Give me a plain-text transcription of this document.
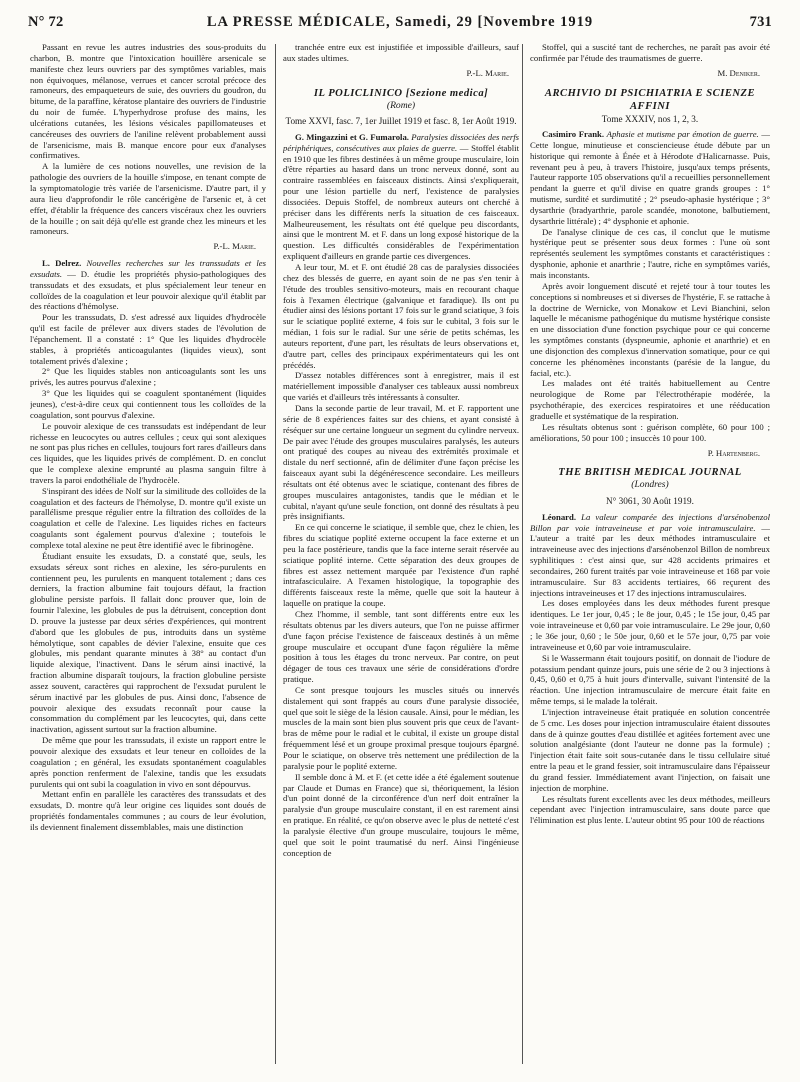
N° 72	LA PRESSE MÉDICALE, Samedi, 29 [Novembre 1919	731

Passant en revue les autres industries des sous-produits du charbon, B. montre que l'intoxication houillère arsenicale se manifeste chez leurs ouvriers par des symptômes variables, mais non équivoques, mélanose, verrues et cancer scrotal précoce des ramoneurs, des empaqueteurs de suie, des ouvriers du goudron, du bitume, de la paraffine, kératose plantaire des ouvriers de l'industrie du noir de fumée. L'hyperhydrose profuse des mains, les ulcérations cutanées, les lésions vésicales papillomateuses et cancéreuses des ouvriers de l'aniline relèvent probablement aussi de l'arsenicisme, mais B. manque encore pour eux d'analyses confirmatives.

A la lumière de ces notions nouvelles, une revision de la pathologie des ouvriers de la houille s'impose, en tenant compte de la symptomatologie très variée de l'arsenicisme. D'autre part, il y aura lieu d'approfondir le rôle cancérigène de l'arsenic et, à cet effet, d'établir la fréquence des cancers viscéraux chez les ouvriers de la houille ; on sait déjà qu'elle est grande chez les mineurs et les ramoneurs.

P.-L. Marie.

L. Delrez. Nouvelles recherches sur les transsudats et les exsudats. — D. étudie les propriétés physio-pathologiques des transsudats et des exsudats, et plus spécialement leur teneur en colloïdes de la coagulation et leur pouvoir alexique qu'il établit par des réactions d'hémolyse.

Pour les transsudats, D. s'est adressé aux liquides d'hydrocèle qu'il est facile de prélever aux divers stades de l'évolution de l'épanchement. Il a constaté : 1° Que les liquides d'hydrocèle stables, à propriétés anticoagulantes (liquides vieux), sont totalement privés d'alexine ;

2° Que les liquides stables non anticoagulants sont les uns privés, les autres pourvus d'alexine ;

3° Que les liquides qui se coagulent spontanément (liquides jeunes), c'est-à-dire ceux qui contiennent tous les colloïdes de la coagulation, sont pourvus d'alexine.

Le pouvoir alexique de ces transsudats est indépendant de leur richesse en leucocytes ou autres cellules ; ceux qui sont alexiques ne sont pas plus riches en cellules, toujours fort rares d'ailleurs dans ces liquides, que les liquides privés de complément. D. en conclut que le complexe alexine emprunté au plasma sanguin filtre à travers la paroi endothéliale de l'hydrocèle.

S'inspirant des idées de Nolf sur la similitude des colloïdes de la coagulation et des facteurs de l'hémolyse, D. montre qu'il existe un parallélisme presque régulier entre la filtration des colloïdes de la coagulation et celle de l'alexine. Les liquides riches en facteurs coagulants sont également pourvus d'alexine ; toutefois le complexe total alexine ne peut être identifié avec le fibrinogène.

Étudiant ensuite les exsudats, D. a constaté que, seuls, les exsudats séreux sont riches en alexine, les séro-purulents en contiennent peu, les purulents en manquent totalement ; dans ces derniers, la fraction albumine fait toujours défaut, la fraction globuline persiste parfois. Il fallait donc prouver que, loin de fournir l'alexine, les globules de pus la détruisent, conception dont D. prouve la justesse par deux séries d'expériences, qui montrent d'abord que les globules de pus, introduits dans un système hémolytique, sont capables de dévier l'alexine, ensuite que ces globules, mis pendant quarante minutes à 38° au contact d'un liquide alexique, l'inactivent. Dans le sérum ainsi inactivé, la fraction albumine disparaît toujours, la fraction globuline persiste assez souvent, caractères qui rapprochent de l'exsudat purulent le sérum inactivé par les globules de pus. Ainsi donc, l'absence de pouvoir alexique des exsudats reconnaît pour cause la consommation du complément par les leucocytes, qui, dans cette inactivation, agissent surtout sur la fraction albumine.

De même que pour les transsudats, il existe un rapport entre le pouvoir alexique des exsudats et leur teneur en colloïdes de la coagulation ; en général, les exsudats spontanément coagulables après ponction renferment de l'alexine, tandis que les exsudats purulents qui ont subi la coagulation in vivo en sont dépourvus.

Mettant enfin en parallèle les caractères des transsudats et des exsudats, D. montre qu'à leur origine ces liquides sont doués de propriétés fondamentales communes ; au cours de leur évolution, ils deviennent finalement dissemblables, mais une distinction

tranchée entre eux est injustifiée et impossible d'ailleurs, sauf aux stades ultimes.

P.-L. Marie.

IL POLICLINICO [Sezione medica]

(Rome)

Tome XXVI, fasc. 7, 1er Juillet 1919 et fasc. 8, 1er Août 1919.

G. Mingazzini et G. Fumarola. Paralysies dissociées des nerfs périphériques, consécutives aux plaies de guerre. — Stoffel établit en 1910 que les fibres destinées à un même groupe musculaire, loin d'être réparties au hasard dans un tronc nerveux donné, sont au contraire rassemblées en faisceaux distincts. Ainsi s'expliquerait, pour une lésion partielle du nerf, l'existence de paralysies dissociées. Depuis Stoffel, de nombreux auteurs ont cherché à préciser dans les différents nerfs la situation de ces faisceaux. Malheureusement, les résultats ont été quelque peu discordants, ainsi que le montrent M. et F. dans un long exposé historique de la question. Les difficultés considérables de l'expérimentation expliquent d'ailleurs en grande partie ces divergences.

A leur tour, M. et F. ont étudié 28 cas de paralysies dissociées chez des blessés de guerre, en ayant soin de ne pas s'en tenir à l'étude des troubles sensitivo-moteurs, mais en recourant chaque fois à l'examen électrique (galvanique et faradique). Ils ont pu étudier ainsi des lésions portant 17 fois sur le grand sciatique, 3 fois sur le sciatique poplité externe, 4 fois sur le cubital, 3 fois sur le médian, 1 fois sur le radial. Sur une série de petits schémas, les auteurs reportent, d'une part, les résultats de leurs observations et, d'autre part, celles des principaux expérimentateurs qui les ont précédés.

D'assez notables différences sont à enregistrer, mais il est matériellement impossible d'analyser ces tableaux aussi nombreux que variés et d'ailleurs très intéressants à consulter.

Dans la seconde partie de leur travail, M. et F. rapportent une série de 8 expériences faites sur des chiens, et ayant consisté à réséquer sur une certaine longueur un segment du cylindre nerveux. De pair avec l'étude des groupes musculaires paralysés, les auteurs ont pratiqué des coupes au niveau des extrémités proximale et distale du nerf sectionné, afin de délimiter d'une façon précise les faisceaux ayant subi la dégénérescence secondaire. Les meilleurs résultats ont été obtenus avec le sciatique, contenant des fibres de groupes musculaires antagonistes, tandis que le médian et le cubital, n'ayant qu'une seule fonction, ont donné des résultats à peu près insignifiants.

En ce qui concerne le sciatique, il semble que, chez le chien, les fibres du sciatique poplité externe occupent la face externe et un peu la face postérieure, tandis que la face interne serait réservée au sciatique poplité interne. Cette séparation des deux groupes de fibres est assez nettement marquée par l'existence d'un raphé intrafasciculaire. A l'examen histologique, la topographie des différents faisceaux reste la même, quelle que soit la hauteur à laquelle on pratique la coupe.

Chez l'homme, il semble, tant sont différents entre eux les résultats obtenus par les divers auteurs, que l'on ne puisse affirmer d'une façon précise l'existence de faisceaux destinés à un même groupe musculaire et occupant d'une façon régulière la même position à tous les étages du tronc nerveux. Par contre, on peut dégager de tous ces travaux une série de considérations d'ordre pratique.

Ce sont presque toujours les muscles situés ou innervés distalement qui sont frappés au cours d'une paralysie dissociée, quel que soit le siège de la lésion causale. Ainsi, pour le médian, les muscles de la main sont bien plus souvent pris que ceux de l'avant-bras de même pour le radial et le cubital, il existe un groupe distal fréquemment lésé et un groupe proximal presque toujours épargné. Pour le sciatique, on observe très nettement une prédilection de la paralysie pour le poplité externe.

Il semble donc à M. et F. (et cette idée a été également soutenue par Claude et Dumas en France) que si, théoriquement, la lésion d'un point donné de la circonférence d'un nerf doit entraîner la paralysie d'un groupe musculaire constant, il en est rarement ainsi en pratique. En réalité, ce qu'on observe avec le plus de netteté c'est la paralysie élective d'un groupe musculaire, toujours le même, quel que soit le point traumatisé du nerf. Ainsi l'ingénieuse conception de

Stoffel, qui a suscité tant de recherches, ne paraît pas avoir été confirmée par l'étude des traumatismes de guerre.

M. Deniker.

ARCHIVIO DI PSICHIATRIA E SCIENZE AFFINI

Tome XXXIV, nos 1, 2, 3.

Casimiro Frank. Aphasie et mutisme par émotion de guerre. — Cette longue, minutieuse et consciencieuse étude débute par un historique qui remonte à Énée et à Hérodote d'Halicarnasse. Puis, revenant peu à peu, à travers l'histoire, jusqu'aux temps présents, l'auteur rapporte 105 observations qu'il a recueillies personnellement pendant la guerre et qu'il divise en quatre grands groupes : 1° mutisme, surdité et surdimutité ; 2° pseudo-aphasie hystérique ; 3° dysarthrie (bradyarthrie, parole scandée, monotone, balbutiement, dysarthrie littérale) ; 4° dysphonie et aphonie.

De l'analyse clinique de ces cas, il conclut que le mutisme hystérique peut se présenter sous deux formes : l'une où sont représentés seulement les symptômes constants et caractéristiques : dysphonie, aphonie et anarthrie ; l'autre, riche en symptômes variés, mais inconstants.

Après avoir longuement discuté et rejeté tour à tour toutes les conceptions si nombreuses et si diverses de l'hystérie, F. se rattache à la doctrine de Wernicke, von Monakow et Levi Bianchini, selon laquelle le mécanisme pathogénique du mutisme hystérique consiste en une dissociation d'une fonction psychique pour ce qui concerne les symptômes constants (dyspneumie, aphonie et anarthrie) et en une disjonction des complexus d'innervation somatique, pour ce qui concerne les phénomènes inconstants (parésie de la langue, du facial, etc.).

Les malades ont été traités habituellement au Centre neurologique de Rome par l'électrothérapie modérée, la psychothérapie, des exercices respiratoires et une rééducation graduelle et systématique de la respiration.

Les résultats obtenus sont : guérison complète, 60 pour 100 ; améliorations, 50 pour 100 ; insuccès 10 pour 100.

P. Hartenberg.

THE BRITISH MEDICAL JOURNAL

(Londres)

N° 3061, 30 Août 1919.

Léonard. La valeur comparée des injections d'arsénobenzol Billon par voie intraveineuse et par voie intramusculaire. — L'auteur a traité par les deux méthodes intramusculaire et intraveineuse avec des injections d'arsénobenzol Billon de nombreux syphilitiques : c'est ainsi que, sur 428 accidents primaires et secondaires, 260 furent traités par voie intraveineuse et 168 par voie intramusculaire. Sur 83 accidents tertiaires, 66 reçurent des injections intraveineuses et 17 des injections intramusculaires.

Les doses employées dans les deux méthodes furent presque identiques. Le 1er jour, 0,45 ; le 8e jour, 0,45 ; le 15e jour, 0,45 par voie intraveineuse et 0,60 par voie intramusculaire. Le 29e jour, 0,60 ; le 36e jour, 0,60 ; le 50e jour, 0,60 et le 57e jour, 0,75 par voie intraveineuse et 0,60 par voie intramusculaire.

Si le Wassermann était toujours positif, on donnait de l'iodure de potassium pendant quinze jours, puis une série de 2 ou 3 injections à 0,45, 0,60 et 0,75 à huit jours d'intervalle, suivant l'intensité de la réaction. Une injection intramusculaire de mercure était faite en même temps, si le malade la tolérait.

L'injection intraveineuse était pratiquée en solution concentrée de 5 cmc. Les doses pour injection intramusculaire étaient dissoutes dans de à quinze gouttes d'eau distillée et agitées fortement avec une solution analgésiante (dont l'auteur ne donne pas la formule) ; l'injection était faite soit sous-cutanée dans le tissu cellulaire situé entre la peau et le grand fessier, soit intramusculaire dans l'épaisseur du grand fessier. Immédiatement avant l'injection, on faisait une injection de morphine.

Les résultats furent excellents avec les deux méthodes, meilleurs cependant avec l'injection intramusculaire, sans doute parce que l'élimination est plus lente. L'auteur obtint 95 pour 100 de réactions
